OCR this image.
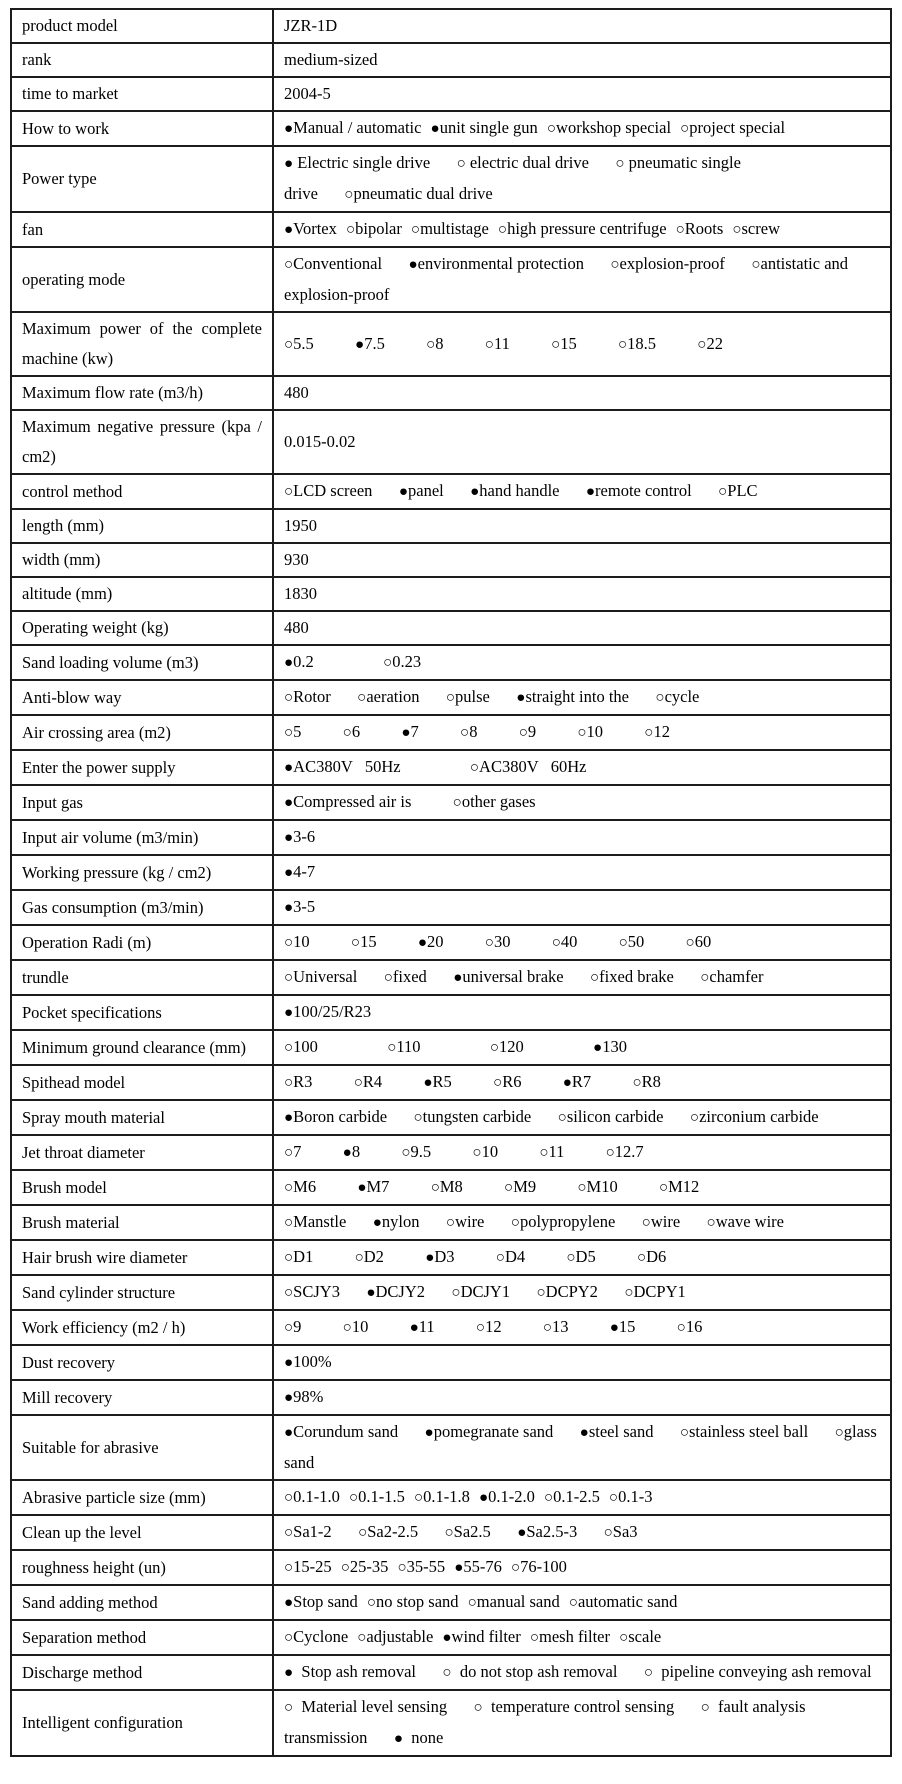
product model	JZR-1D
rank	medium-sized
time to market	2004-5
How to work	●Manual / automatic ●unit single gun ○workshop special ○project special
Power type	● Electric single drive ○ electric dual drive ○ pneumatic single drive ○pneumatic dual drive
fan	●Vortex ○bipolar ○multistage ○high pressure centrifuge ○Roots ○screw
operating mode	○Conventional ●environmental protection ○explosion-proof ○antistatic and explosion-proof
Maximum power of the complete machine (kw)	○5.5 ●7.5 ○8 ○11 ○15 ○18.5 ○22
Maximum flow rate (m3/h)	480
Maximum negative pressure (kpa / cm2)	0.015-0.02
control method	○LCD screen ●panel ●hand handle ●remote control ○PLC
length (mm)	1950
width (mm)	930
altitude (mm)	1830
Operating weight (kg)	480
Sand loading volume (m3)	●0.2 ○0.23
Anti-blow way	○Rotor ○aeration ○pulse ●straight into the ○cycle
Air crossing area (m2)	○5 ○6 ●7 ○8 ○9 ○10 ○12
Enter the power supply	●AC380V   50Hz ○AC380V   60Hz
Input gas	●Compressed air is ○other gases
Input air volume (m3/min)	●3-6
Working pressure (kg / cm2)	●4-7
Gas consumption (m3/min)	●3-5
Operation Radi (m)	○10 ○15 ●20 ○30 ○40 ○50 ○60
trundle	○Universal ○fixed ●universal brake ○fixed brake ○chamfer
Pocket specifications	●100/25/R23
Minimum ground clearance (mm)	○100 ○110 ○120 ●130
Spithead model	○R3 ○R4 ●R5 ○R6 ●R7 ○R8
Spray mouth material	●Boron carbide ○tungsten carbide ○silicon carbide ○zirconium carbide
Jet throat diameter	○7 ●8 ○9.5 ○10 ○11 ○12.7
Brush model	○M6 ●M7 ○M8 ○M9 ○M10 ○M12
Brush material	○Manstle ●nylon ○wire ○polypropylene ○wire ○wave wire
Hair brush wire diameter	○D1 ○D2 ●D3 ○D4 ○D5 ○D6
Sand cylinder structure	○SCJY3 ●DCJY2 ○DCJY1 ○DCPY2 ○DCPY1
Work efficiency (m2 / h)	○9 ○10 ●11 ○12 ○13 ●15 ○16
Dust recovery	●100%
Mill recovery	●98%
Suitable for abrasive	●Corundum sand ●pomegranate sand ●steel sand ○stainless steel ball ○glass sand
Abrasive particle size (mm)	○0.1-1.0 ○0.1-1.5 ○0.1-1.8 ●0.1-2.0 ○0.1-2.5 ○0.1-3
Clean up the level	○Sa1-2 ○Sa2-2.5 ○Sa2.5 ●Sa2.5-3 ○Sa3
roughness height (un)	○15-25 ○25-35 ○35-55 ●55-76 ○76-100
Sand adding method	●Stop sand ○no stop sand ○manual sand ○automatic sand
Separation method	○Cyclone ○adjustable ●wind filter ○mesh filter ○scale
Discharge method	●  Stop ash removal ○  do not stop ash removal ○  pipeline conveying ash removal
Intelligent configuration	○  Material level sensing ○  temperature control sensing ○  fault analysis transmission ●  none
